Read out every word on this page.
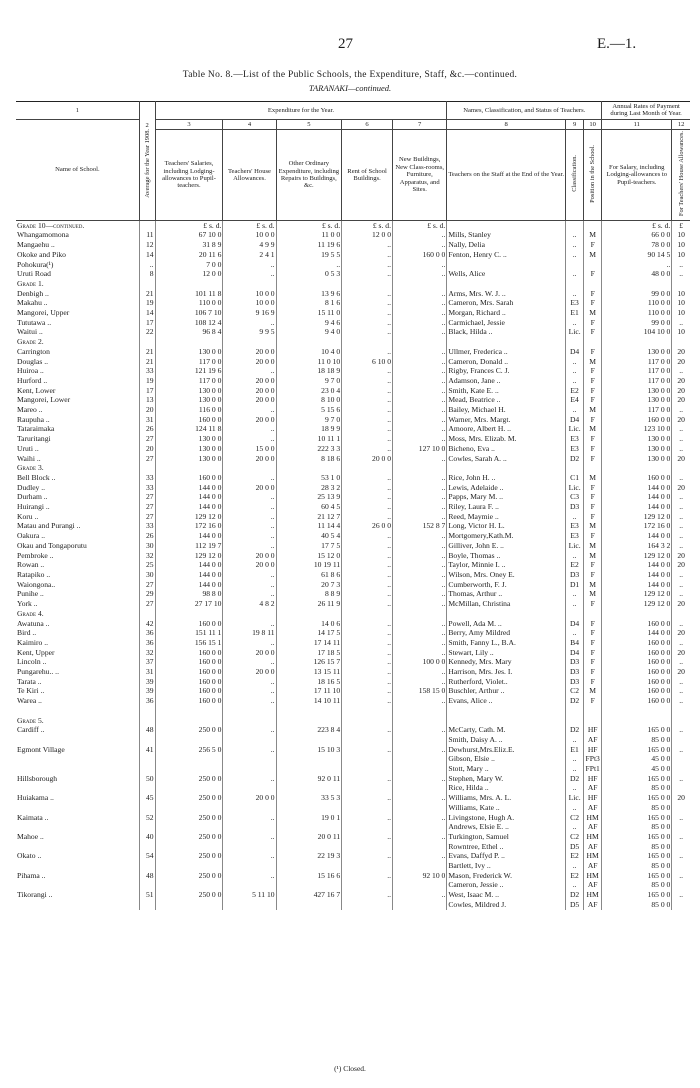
27	E.—1.
Table No. 8.—List of the Public Schools, the Expenditure, Staff, &c.—continued.
TARANAKI—continued.
1	2
Average for the Year 1908.	Expenditure for the Year.					Names, Classification, and Status of Teachers.			Annual Rates of Payment during Last Month of Year.	
Name of School.		3	4	5	6	7	8	9	10	11	12
		Teachers' Salaries, including Lodging-allowances to Pupil-teachers.	Teachers' House Allowances.	Other Ordinary Expenditure, including Repairs to Buildings, &c.	Rent of School Buildings.	New Buildings, New Class-rooms, Furniture, Apparatus, and Sites.	Teachers on the Staff at the End of the Year.	Classification.	Position in the School.	For Salary, including Lodging-allowances to Pupil-teachers.	For Teachers' House Allowances.
Grade 10—continued.		£ s. d.	£ s. d.	£ s. d.	£ s. d.	£ s. d.				£ s. d.	£
Whangamomona	11	67 10 0	10 0 0	11 0 0	12 0 0	..	Mills, Stanley	..	M	66 0 0	10
Mangaehu ..	12	31 8 9	4 9 9	11 19 6	..	..	Nally, Delia	..	F	78 0 0	10
Okoke and Piko	14	20 11 6	2 4 1	19 5 5	..	160 0 0	Fenton, Henry C. ..	..	M	90 14 5	10
Pohokura(¹)	..	7 0 0	..	..	..	..				..	..
Uruti Road	8	12 0 0	..	0 5 3	..	..	Wells, Alice	..	F	48 0 0	..
Grade 1.											
Denbigh ..	21	101 11 8	10 0 0	13 9 6	..	..	Arms, Mrs. W. J. ..	..	F	99 0 0	10
Makahu ..	19	110 0 0	10 0 0	8 1 6	..	..	Cameron, Mrs. Sarah	E3	F	110 0 0	10
Mangorei, Upper	14	106 7 10	9 16 9	15 11 0	..	..	Morgan, Richard ..	E1	M	110 0 0	10
Tututawa ..	17	108 12 4	..	9 4 6	..	..	Carmichael, Jessie	..	F	99 0 0	..
Waitui ..	22	96 8 4	9 9 5	9 4 0	..	..	Black, Hilda ..	Lic.	F	104 10 0	10
Grade 2.											
Carrington	21	130 0 0	20 0 0	10 4 0	..	..	Ullmer, Frederica ..	D4	F	130 0 0	20
Douglas ..	21	117 0 0	20 0 0	11 0 10	6 10 0	..	Cameron, Donald ..	..	M	117 0 0	20
Huiroa ..	33	121 19 6	..	18 18 9	..	..	Rigby, Frances C. J.	..	F	117 0 0	..
Hurford ..	19	117 0 0	20 0 0	9 7 0	..	..	Adamson, Jane ..	..	F	117 0 0	20
Kent, Lower	17	130 0 0	20 0 0	23 0 4	..	..	Smith, Kate E. ..	E2	F	130 0 0	20
Mangorei, Lower	13	130 0 0	20 0 0	8 10 0	..	..	Mead, Beatrice ..	E4	F	130 0 0	20
Mareo ..	20	116 0 0	..	5 15 6	..	..	Bailey, Michael H.	..	M	117 0 0	..
Raupuha ..	31	160 0 0	20 0 0	9 7 0	..	..	Warner, Mrs. Margt.	D4	F	160 0 0	20
Tataraimaka	26	124 11 8	..	18 9 9	..	..	Amoore, Albert H. ..	Lic.	M	123 10 0	..
Taruritangi	27	130 0 0	..	10 11 1	..	..	Moss, Mrs. Elizab. M.	E3	F	130 0 0	..
Uruti ..	20	130 0 0	15 0 0	222 3 3	..	127 10 0	Bicheno, Eva ..	E3	F	130 0 0	..
Waihi ..	27	130 0 0	20 0 0	8 18 6	20 0 0	..	Cowles, Sarah A. ..	D2	F	130 0 0	20
Grade 3.											
Bell Block ..	33	160 0 0	..	53 1 0	..	..	Rice, John H. ..	C1	M	160 0 0	..
Dudley ..	33	144 0 0	20 0 0	28 3 2	..	..	Lewis, Adelaide ..	Lic.	F	144 0 0	20
Durham ..	27	144 0 0	..	25 13 9	..	..	Papps, Mary M. ..	C3	F	144 0 0	..
Huirangi ..	27	144 0 0	..	60 4 5	..	..	Riley, Laura F. ..	D3	F	144 0 0	..
Koru ..	27	129 12 0	..	21 12 7	..	..	Reed, Maymie ..	..	F	129 12 0	..
Matau and Purangi ..	33	172 16 0	..	11 14 4	26 0 0	152 8 7	Long, Victor H. L.	E3	M	172 16 0	..
Oakura ..	26	144 0 0	..	40 5 4	..	..	Mortgomery,Kath.M.	E3	F	144 0 0	..
Okau and Tongaporutu	30	112 19 7	..	17 7 5	..	..	Gilliver, John E. ..	Lic.	M	164 3 2	..
Pembroke ..	32	129 12 0	20 0 0	15 12 0	..	..	Boyle, Thomas ..	..	M	129 12 0	20
Rowan ..	25	144 0 0	20 0 0	10 19 11	..	..	Taylor, Minnie I. ..	E2	F	144 0 0	20
Ratapiko ..	30	144 0 0	..	61 8 6	..	..	Wilson, Mrs. Oney E.	D3	F	144 0 0	..
Waiongona..	27	144 0 0	..	20 7 3	..	..	Cumberworth, F. J.	D1	M	144 0 0	..
Punihe ..	29	98 8 0	..	8 8 9	..	..	Thomas, Arthur ..	..	M	129 12 0	..
York ..	27	27 17 10	4 8 2	26 11 9	..	..	McMillan, Christina	..	F	129 12 0	20
Grade 4.											
Awatuna ..	42	160 0 0	..	14 0 6	..	..	Powell, Ada M. ..	D4	F	160 0 0	..
Bird ..	36	151 11 1	19 8 11	14 17 5	..	..	Berry, Amy Mildred	..	F	144 0 0	20
Kaimiro ..	36	156 15 1	..	17 14 11	..	..	Smith, Fanny L., B.A.	B4	F	160 0 0	..
Kent, Upper	32	160 0 0	20 0 0	17 18 5	..	..	Stewart, Lily ..	D4	F	160 0 0	20
Lincoln ..	37	160 0 0	..	126 15 7	..	100 0 0	Kennedy, Mrs. Mary	D3	F	160 0 0	..
Pungarehu.. ..	31	160 0 0	20 0 0	13 15 11	..	..	Harrison, Mrs. Jes. I.	D3	F	160 0 0	20
Tarata ..	39	160 0 0	..	18 16 5	..	..	Rutherford, Violet..	D3	F	160 0 0	..
Te Kiri ..	39	160 0 0	..	17 11 10	..	158 15 0	Buschler, Arthur ..	C2	M	160 0 0	..
Warea ..	36	160 0 0	..	14 10 11	..	..	Evans, Alice ..	D2	F	160 0 0	..

Grade 5.											
Cardiff ..	48	250 0 0	..	223 8 4	..	..	McCarty, Cath. M.	D2	HF	165 0 0	..
							Smith, Daisy A. ..	..	AF	85 0 0	
Egmont Village	41	256 5 0	..	15 10 3	..	..	Dewhurst,Mrs.Eliz.E.	E1	HF	165 0 0	..
							Gibson, Elsie ..	..	FPt3	45 0 0	
							Stott, Mary ..	..	FPt1	45 0 0	
Hillsborough	50	250 0 0	..	92 0 11	..	..	Stephen, Mary W.	D2	HF	165 0 0	..
							Rice, Hilda ..	..	AF	85 0 0	
Huiakama ..	45	250 0 0	20 0 0	33 5 3	..	..	Williams, Mrs. A. L.	Lic.	HF	165 0 0	20
							Williams, Kate ..	..	AF	85 0 0	
Kaimata ..	52	250 0 0	..	19 0 1	..	..	Livingstone, Hugh A.	C2	HM	165 0 0	..
							Andrews, Elsie E. ..	..	AF	85 0 0	
Mahoe ..	40	250 0 0	..	20 0 11	..	..	Turkington, Samuel	C2	HM	165 0 0	..
							Rowntree, Ethel ..	D5	AF	85 0 0	
Okato ..	54	250 0 0	..	22 19 3	..	..	Evans, Daffyd P. ..	E2	HM	165 0 0	..
							Bartlett, Ivy ..	..	AF	85 0 0	
Pihama ..	48	250 0 0	..	15 16 6	..	92 10 0	Mason, Frederick W.	E2	HM	165 0 0	..
							Cameron, Jessie ..	..	AF	85 0 0	
Tikorangi ..	51	250 0 0	5 11 10	427 16 7	..	..	West, Isaac M. ..	D2	HM	165 0 0	..
							Cowles, Mildred J.	D5	AF	85 0 0	
(¹) Closed.
